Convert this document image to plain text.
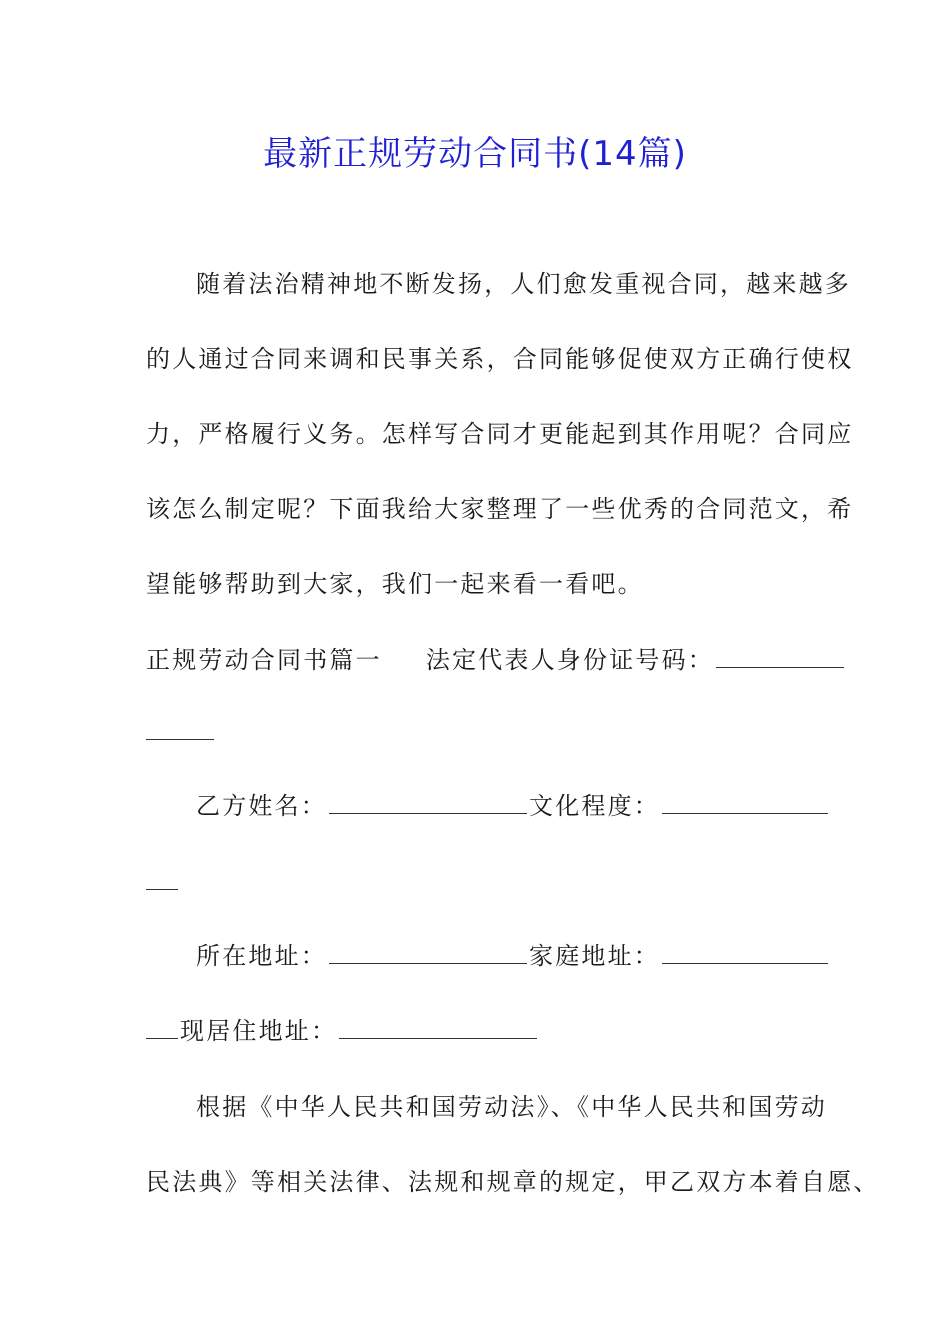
最新正规劳动合同书(14篇)
随着法治精神地不断发扬，人们愈发重视合同，越来越多
的人通过合同来调和民事关系，合同能够促使双方正确行使权
力，严格履行义务。怎样写合同才更能起到其作用呢？合同应
该怎么制定呢？下面我给大家整理了一些优秀的合同范文，希
望能够帮助到大家，我们一起来看一看吧。
正规劳动合同书篇一 法定代表人身份证号码：
乙方姓名：	文化程度：
所在地址：	家庭地址：
现居住地址：
根据《中华人民共和国劳动法》、《中华人民共和国劳动
民法典》等相关法律、法规和规章的规定，甲乙双方本着自愿、
